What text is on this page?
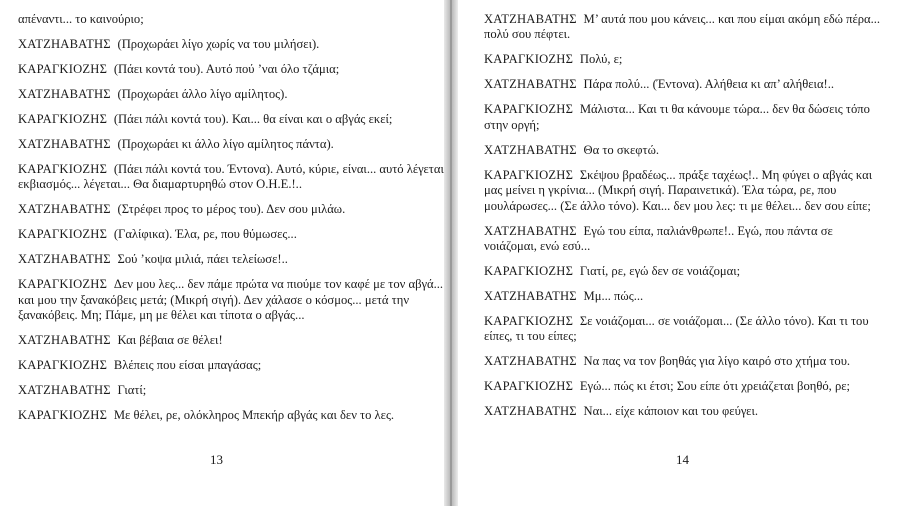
απέναντι... το καινούριο;

ΧΑΤΖΗΑΒΑΤΗΣ (Προχωράει λίγο χωρίς να του μιλήσει).

ΚΑΡΑΓΚΙΟΖΗΣ (Πάει κοντά του). Αυτό πού ’ναι όλο τζάμια;

ΧΑΤΖΗΑΒΑΤΗΣ (Προχωράει άλλο λίγο αμίλητος).

ΚΑΡΑΓΚΙΟΖΗΣ (Πάει πάλι κοντά του). Και... θα είναι και ο αβγάς εκεί;

ΧΑΤΖΗΑΒΑΤΗΣ (Προχωράει κι άλλο λίγο αμίλητος πάντα).

ΚΑΡΑΓΚΙΟΖΗΣ (Πάει πάλι κοντά του. Έντονα). Αυτό, κύριε, είναι... αυτό λέγεται εκβιασμός... λέγεται... Θα διαμαρτυρηθώ στον Ο.Η.Ε.!..

ΧΑΤΖΗΑΒΑΤΗΣ (Στρέφει προς το μέρος του). Δεν σου μιλάω.

ΚΑΡΑΓΚΙΟΖΗΣ (Γαλίφικα). Έλα, ρε, που θύμωσες...

ΧΑΤΖΗΑΒΑΤΗΣ Σού ’κοψα μιλιά, πάει τελείωσε!..

ΚΑΡΑΓΚΙΟΖΗΣ Δεν μου λες... δεν πάμε πρώτα να πιούμε τον καφέ με τον αβγά... και μου την ξανακόβεις μετά; (Μικρή σιγή). Δεν χάλασε ο κόσμος... μετά την ξανακόβεις. Μη; Πάμε, μη με θέλει και τίποτα ο αβγάς...

ΧΑΤΖΗΑΒΑΤΗΣ Και βέβαια σε θέλει!

ΚΑΡΑΓΚΙΟΖΗΣ Βλέπεις που είσαι μπαγάσας;

ΧΑΤΖΗΑΒΑΤΗΣ Γιατί;

ΚΑΡΑΓΚΙΟΖΗΣ Με θέλει, ρε, ολόκληρος Μπεκήρ αβγάς και δεν το λες.

13

ΧΑΤΖΗΑΒΑΤΗΣ Μ’ αυτά που μου κάνεις... και που είμαι ακόμη εδώ πέρα... πολύ σου πέφτει.

ΚΑΡΑΓΚΙΟΖΗΣ Πολύ, ε;

ΧΑΤΖΗΑΒΑΤΗΣ Πάρα πολύ... (Έντονα). Αλήθεια κι απ’ αλήθεια!..

ΚΑΡΑΓΚΙΟΖΗΣ Μάλιστα... Και τι θα κάνουμε τώρα... δεν θα δώσεις τόπο στην οργή;

ΧΑΤΖΗΑΒΑΤΗΣ Θα το σκεφτώ.

ΚΑΡΑΓΚΙΟΖΗΣ Σκέψου βραδέως... πράξε ταχέως!.. Μη φύγει ο αβγάς και μας μείνει η γκρίνια... (Μικρή σιγή. Παραινετικά). Έλα τώρα, ρε, που μουλάρωσες... (Σε άλλο τόνο). Και... δεν μου λες: τι με θέλει... δεν σου είπε;

ΧΑΤΖΗΑΒΑΤΗΣ Εγώ του είπα, παλιάνθρωπε!.. Εγώ, που πάντα σε νοιάζομαι, ενώ εσύ...

ΚΑΡΑΓΚΙΟΖΗΣ Γιατί, ρε, εγώ δεν σε νοιάζομαι;

ΧΑΤΖΗΑΒΑΤΗΣ Μμ... πώς...

ΚΑΡΑΓΚΙΟΖΗΣ Σε νοιάζομαι... σε νοιάζομαι... (Σε άλλο τόνο). Και τι του είπες, τι του είπες;

ΧΑΤΖΗΑΒΑΤΗΣ Να πας να τον βοηθάς για λίγο καιρό στο χτήμα του.

ΚΑΡΑΓΚΙΟΖΗΣ Εγώ... πώς κι έτσι; Σου είπε ότι χρειάζεται βοηθό, ρε;

ΧΑΤΖΗΑΒΑΤΗΣ Ναι... είχε κάποιον και του φεύγει.

14
